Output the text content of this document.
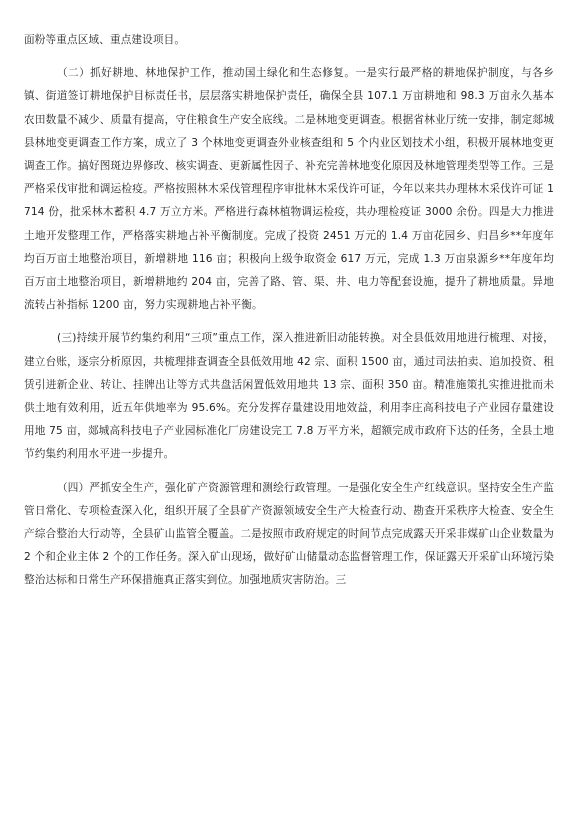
面粉等重点区域、重点建设项目。

（二）抓好耕地、林地保护工作，推动国土绿化和生态修复。一是实行最严格的耕地保护制度，与各乡镇、街道签订耕地保护目标责任书，层层落实耕地保护责任，确保全县 107.1 万亩耕地和 98.3 万亩永久基本农田数量不减少、质量有提高，守住粮食生产安全底线。二是林地变更调查。根据省林业厅统一安排，制定郯城县林地变更调查工作方案，成立了 3 个林地变更调查外业核查组和 5 个内业区划技术小组，积极开展林地变更调查工作。搞好图斑边界修改、核实调查、更新属性因子、补充完善林地变化原因及林地管理类型等工作。三是严格采伐审批和调运检疫。严格按照林木采伐管理程序审批林木采伐许可证，今年以来共办理林木采伐许可证 1714 份，批采林木蓄积 4.7 万立方米。严格进行森林植物调运检疫，共办理检疫证 3000 余份。四是大力推进土地开发整理工作，严格落实耕地占补平衡制度。完成了投资 2451 万元的 1.4 万亩花园乡、归昌乡**年度年均百万亩土地整治项目，新增耕地 116 亩；积极向上级争取资金 617 万元，完成 1.3 万亩泉源乡**年度年均百万亩土地整治项目，新增耕地约 204 亩，完善了路、管、渠、井、电力等配套设施，提升了耕地质量。异地流转占补指标 1200 亩，努力实现耕地占补平衡。

(三)持续开展节约集约利用“三项”重点工作，深入推进新旧动能转换。对全县低效用地进行梳理、对接，建立台账，逐宗分析原因，共梳理排查调查全县低效用地 42 宗、面积 1500 亩，通过司法拍卖、追加投资、租赁引进新企业、转让、挂牌出让等方式共盘活闲置低效用地共 13 宗、面积 350 亩。精准施策扎实推进批而未供土地有效利用，近五年供地率为 95.6%。充分发挥存量建设用地效益，利用李庄高科技电子产业园存量建设用地 75 亩，郯城高科技电子产业园标准化厂房建设完工 7.8 万平方米，超额完成市政府下达的任务，全县土地节约集约利用水平进一步提升。

（四）严抓安全生产，强化矿产资源管理和测绘行政管理。一是强化安全生产红线意识。坚持安全生产监管日常化、专项检查深入化，组织开展了全县矿产资源领域安全生产大检查行动、勘查开采秩序大检查、安全生产综合整治大行动等，全县矿山监管全覆盖。二是按照市政府规定的时间节点完成露天开采非煤矿山企业数量为 2 个和企业主体 2 个的工作任务。深入矿山现场，做好矿山储量动态监督管理工作，保证露天开采矿山环境污染整治达标和日常生产环保措施真正落实到位。加强地质灾害防治。三
